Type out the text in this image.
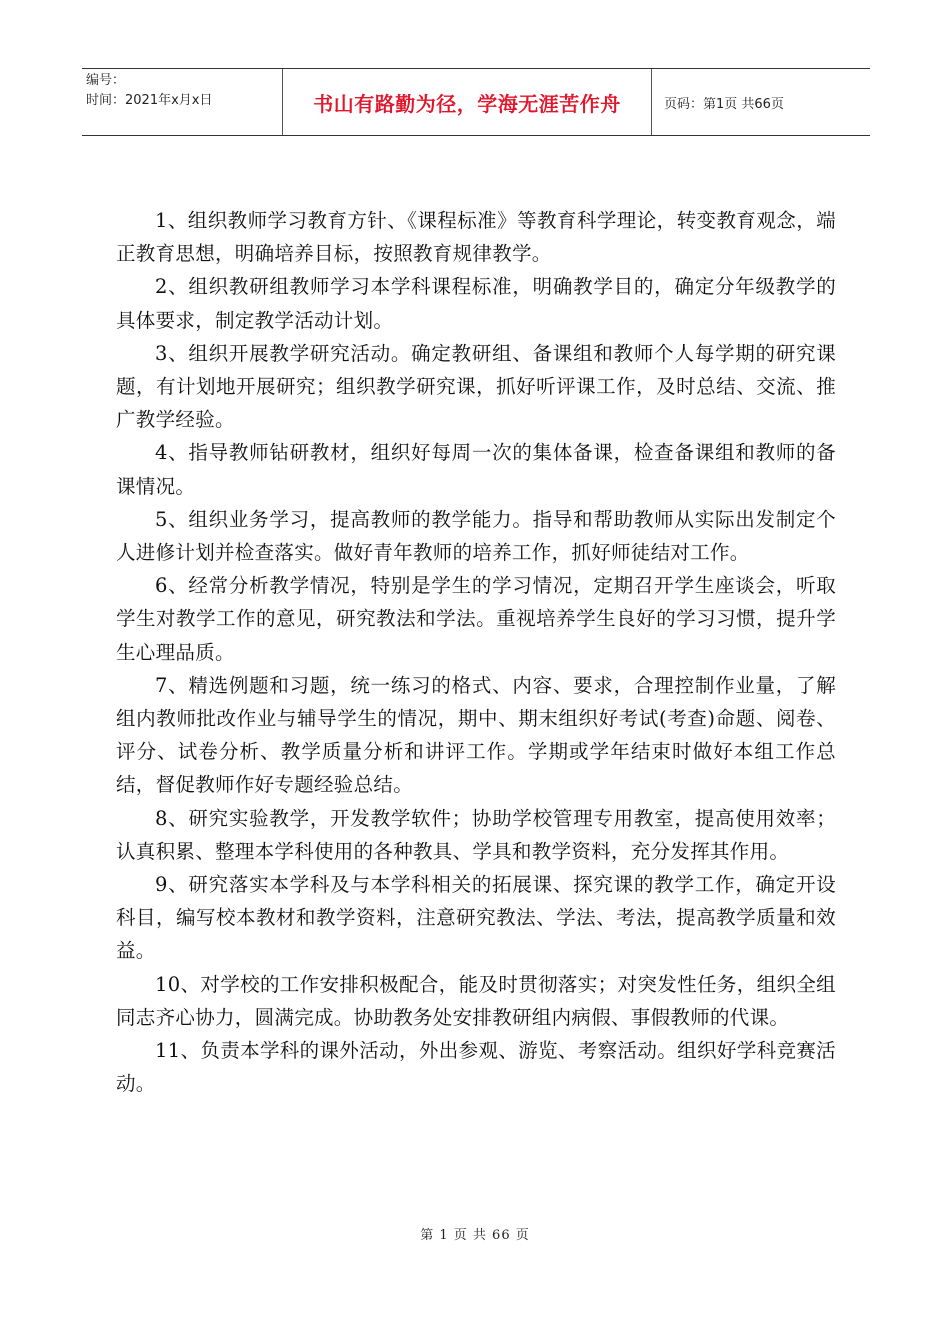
编号：
时间：2021年x月x日	书山有路勤为径，学海无涯苦作舟	页码：第1页 共66页

1、组织教师学习教育方针、《课程标准》等教育科学理论，转变教育观念，端正教育思想，明确培养目标，按照教育规律教学。

2、组织教研组教师学习本学科课程标准，明确教学目的，确定分年级教学的具体要求，制定教学活动计划。

3、组织开展教学研究活动。确定教研组、备课组和教师个人每学期的研究课题，有计划地开展研究；组织教学研究课，抓好听评课工作，及时总结、交流、推广教学经验。

4、指导教师钻研教材，组织好每周一次的集体备课，检查备课组和教师的备课情况。

5、组织业务学习，提高教师的教学能力。指导和帮助教师从实际出发制定个人进修计划并检查落实。做好青年教师的培养工作，抓好师徒结对工作。

6、经常分析教学情况，特别是学生的学习情况，定期召开学生座谈会，听取学生对教学工作的意见，研究教法和学法。重视培养学生良好的学习习惯，提升学生心理品质。

7、精选例题和习题，统一练习的格式、内容、要求，合理控制作业量，了解组内教师批改作业与辅导学生的情况，期中、期末组织好考试(考查)命题、阅卷、评分、试卷分析、教学质量分析和讲评工作。学期或学年结束时做好本组工作总结，督促教师作好专题经验总结。

8、研究实验教学，开发教学软件；协助学校管理专用教室，提高使用效率；认真积累、整理本学科使用的各种教具、学具和教学资料，充分发挥其作用。

9、研究落实本学科及与本学科相关的拓展课、探究课的教学工作，确定开设科目，编写校本教材和教学资料，注意研究教法、学法、考法，提高教学质量和效益。

10、对学校的工作安排积极配合，能及时贯彻落实；对突发性任务，组织全组同志齐心协力，圆满完成。协助教务处安排教研组内病假、事假教师的代课。

11、负责本学科的课外活动，外出参观、游览、考察活动。组织好学科竞赛活动。

第 1 页 共 66 页
